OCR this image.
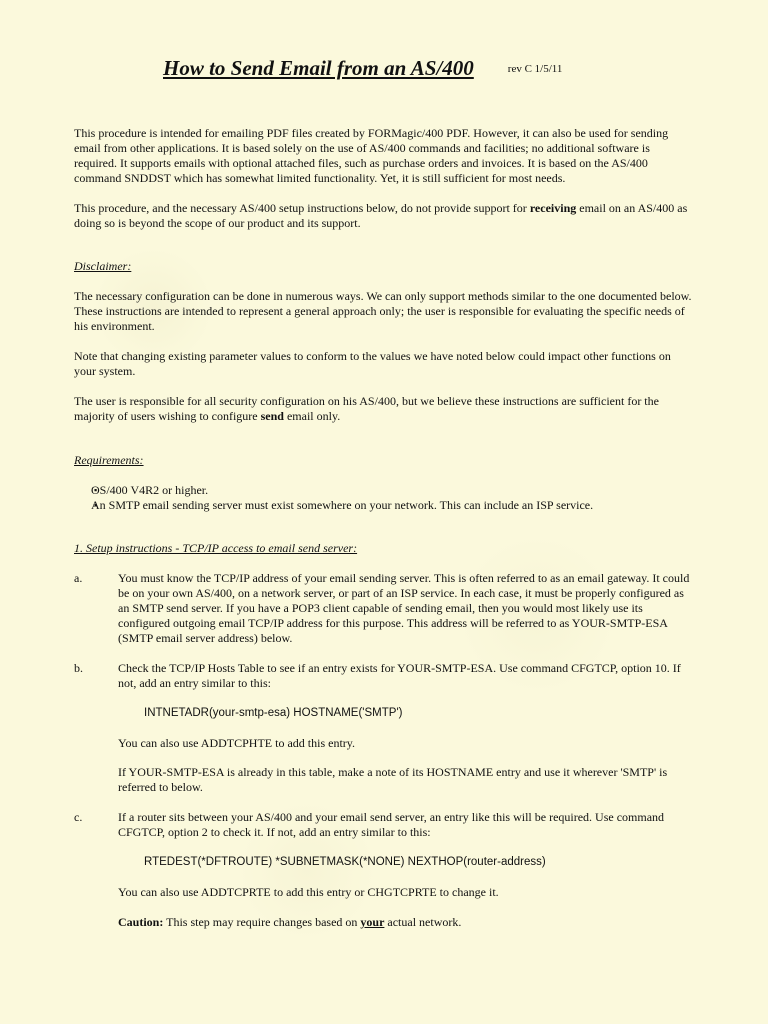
How to Send Email from an AS/400	rev C 1/5/11

This procedure is intended for emailing PDF files created by FORMagic/400 PDF. However, it can also be used for sending email from other applications. It is based solely on the use of AS/400 commands and facilities; no additional software is required. It supports emails with optional attached files, such as purchase orders and invoices. It is based on the AS/400 command SNDDST which has somewhat limited functionality. Yet, it is still sufficient for most needs.

This procedure, and the necessary AS/400 setup instructions below, do not provide support for receiving email on an AS/400 as doing so is beyond the scope of our product and its support.

Disclaimer:

The necessary configuration can be done in numerous ways. We can only support methods similar to the one documented below. These instructions are intended to represent a general approach only; the user is responsible for evaluating the specific needs of his environment.

Note that changing existing parameter values to conform to the values we have noted below could impact other functions on your system.

The user is responsible for all security configuration on his AS/400, but we believe these instructions are sufficient for the majority of users wishing to configure send email only.

Requirements:

▪ OS/400 V4R2 or higher.
▪ An SMTP email sending server must exist somewhere on your network. This can include an ISP service.

1. Setup instructions - TCP/IP access to email send server:

a.	You must know the TCP/IP address of your email sending server. This is often referred to as an email gateway. It could be on your own AS/400, on a network server, or part of an ISP service. In each case, it must be properly configured as an SMTP send server. If you have a POP3 client capable of sending email, then you would most likely use its configured outgoing email TCP/IP address for this purpose. This address will be referred to as YOUR-SMTP-ESA (SMTP email server address) below.
b.	Check the TCP/IP Hosts Table to see if an entry exists for YOUR-SMTP-ESA. Use command CFGTCP, option 10. If not, add an entry similar to this:

INTNETADR(your-smtp-esa) HOSTNAME('SMTP')

You can also use ADDTCPHTE to add this entry.

If YOUR-SMTP-ESA is already in this table, make a note of its HOSTNAME entry and use it wherever 'SMTP' is referred to below.

c.	If a router sits between your AS/400 and your email send server, an entry like this will be required. Use command CFGTCP, option 2 to check it. If not, add an entry similar to this:

RTEDEST(*DFTROUTE) *SUBNETMASK(*NONE) NEXTHOP(router-address)

You can also use ADDTCPRTE to add this entry or CHGTCPRTE to change it.

Caution: This step may require changes based on your actual network.
